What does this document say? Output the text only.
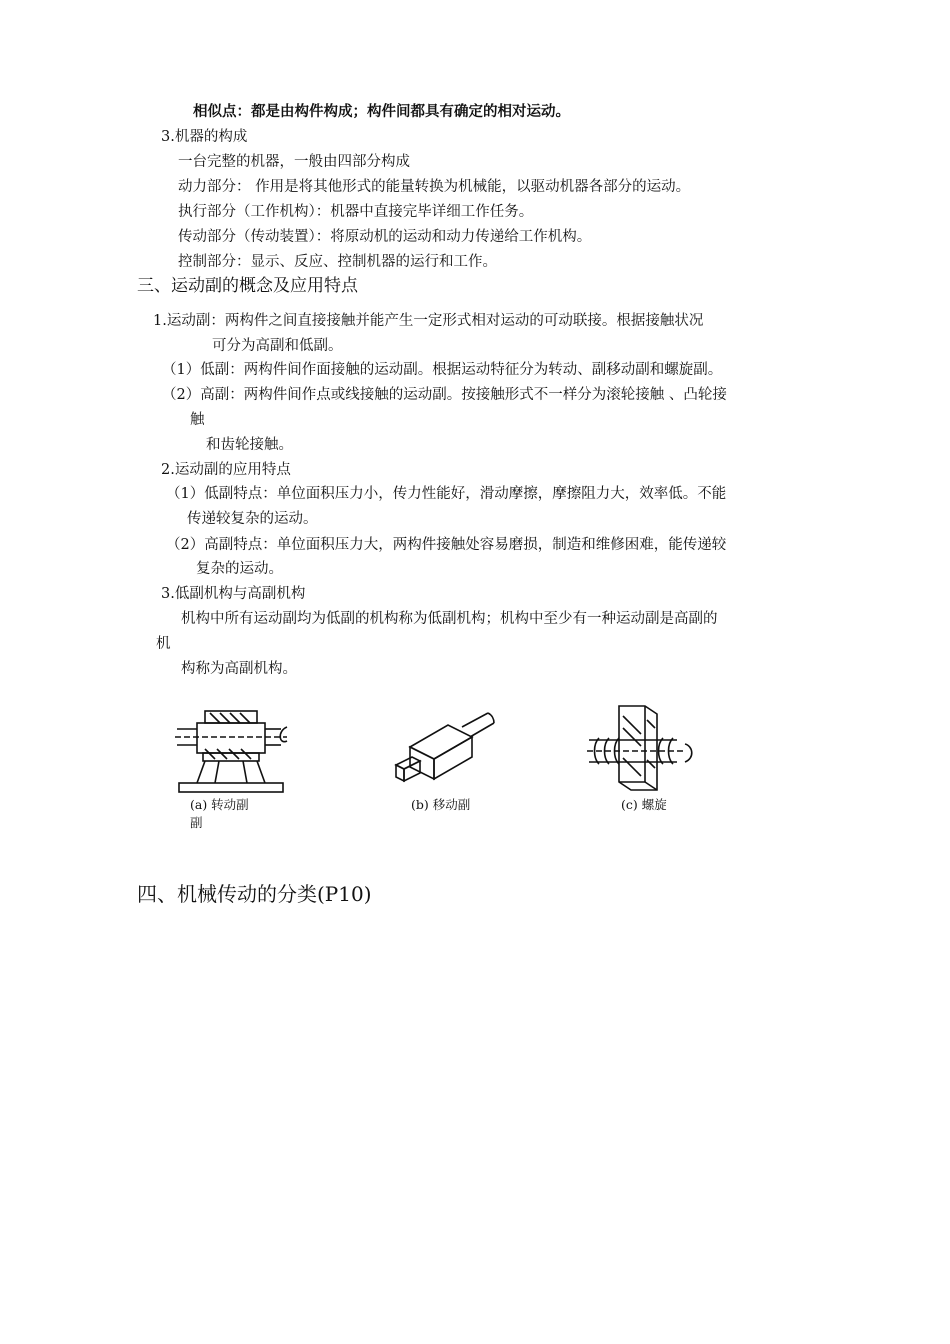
相似点：都是由构件构成；构件间都具有确定的相对运动。
3.机器的构成
一台完整的机器，一般由四部分构成
动力部分： 作用是将其他形式的能量转换为机械能，以驱动机器各部分的运动。
执行部分（工作机构）：机器中直接完毕详细工作任务。
传动部分（传动装置）：将原动机的运动和动力传递给工作机构。
控制部分：显示、反应、控制机器的运行和工作。
三、运动副的概念及应用特点
1.运动副：两构件之间直接接触并能产生一定形式相对运动的可动联接。根据接触状况
可分为高副和低副。
（1）低副：两构件间作面接触的运动副。根据运动特征分为转动、副移动副和螺旋副。
（2）高副：两构件间作点或线接触的运动副。按接触形式不一样分为滚轮接触 、凸轮接
触
和齿轮接触。
2.运动副的应用特点
（1）低副特点：单位面积压力小，传力性能好，滑动摩擦，摩擦阻力大，效率低。不能
传递较复杂的运动。
（2）高副特点：单位面积压力大，两构件接触处容易磨损，制造和维修困难，能传递较
复杂的运动。
3.低副机构与高副机构
机构中所有运动副均为低副的机构称为低副机构；机构中至少有一种运动副是高副的
机
构称为高副机构。
(a) 转动副
副
(b) 移动副	(c) 螺旋
四、机械传动的分类(P10)
